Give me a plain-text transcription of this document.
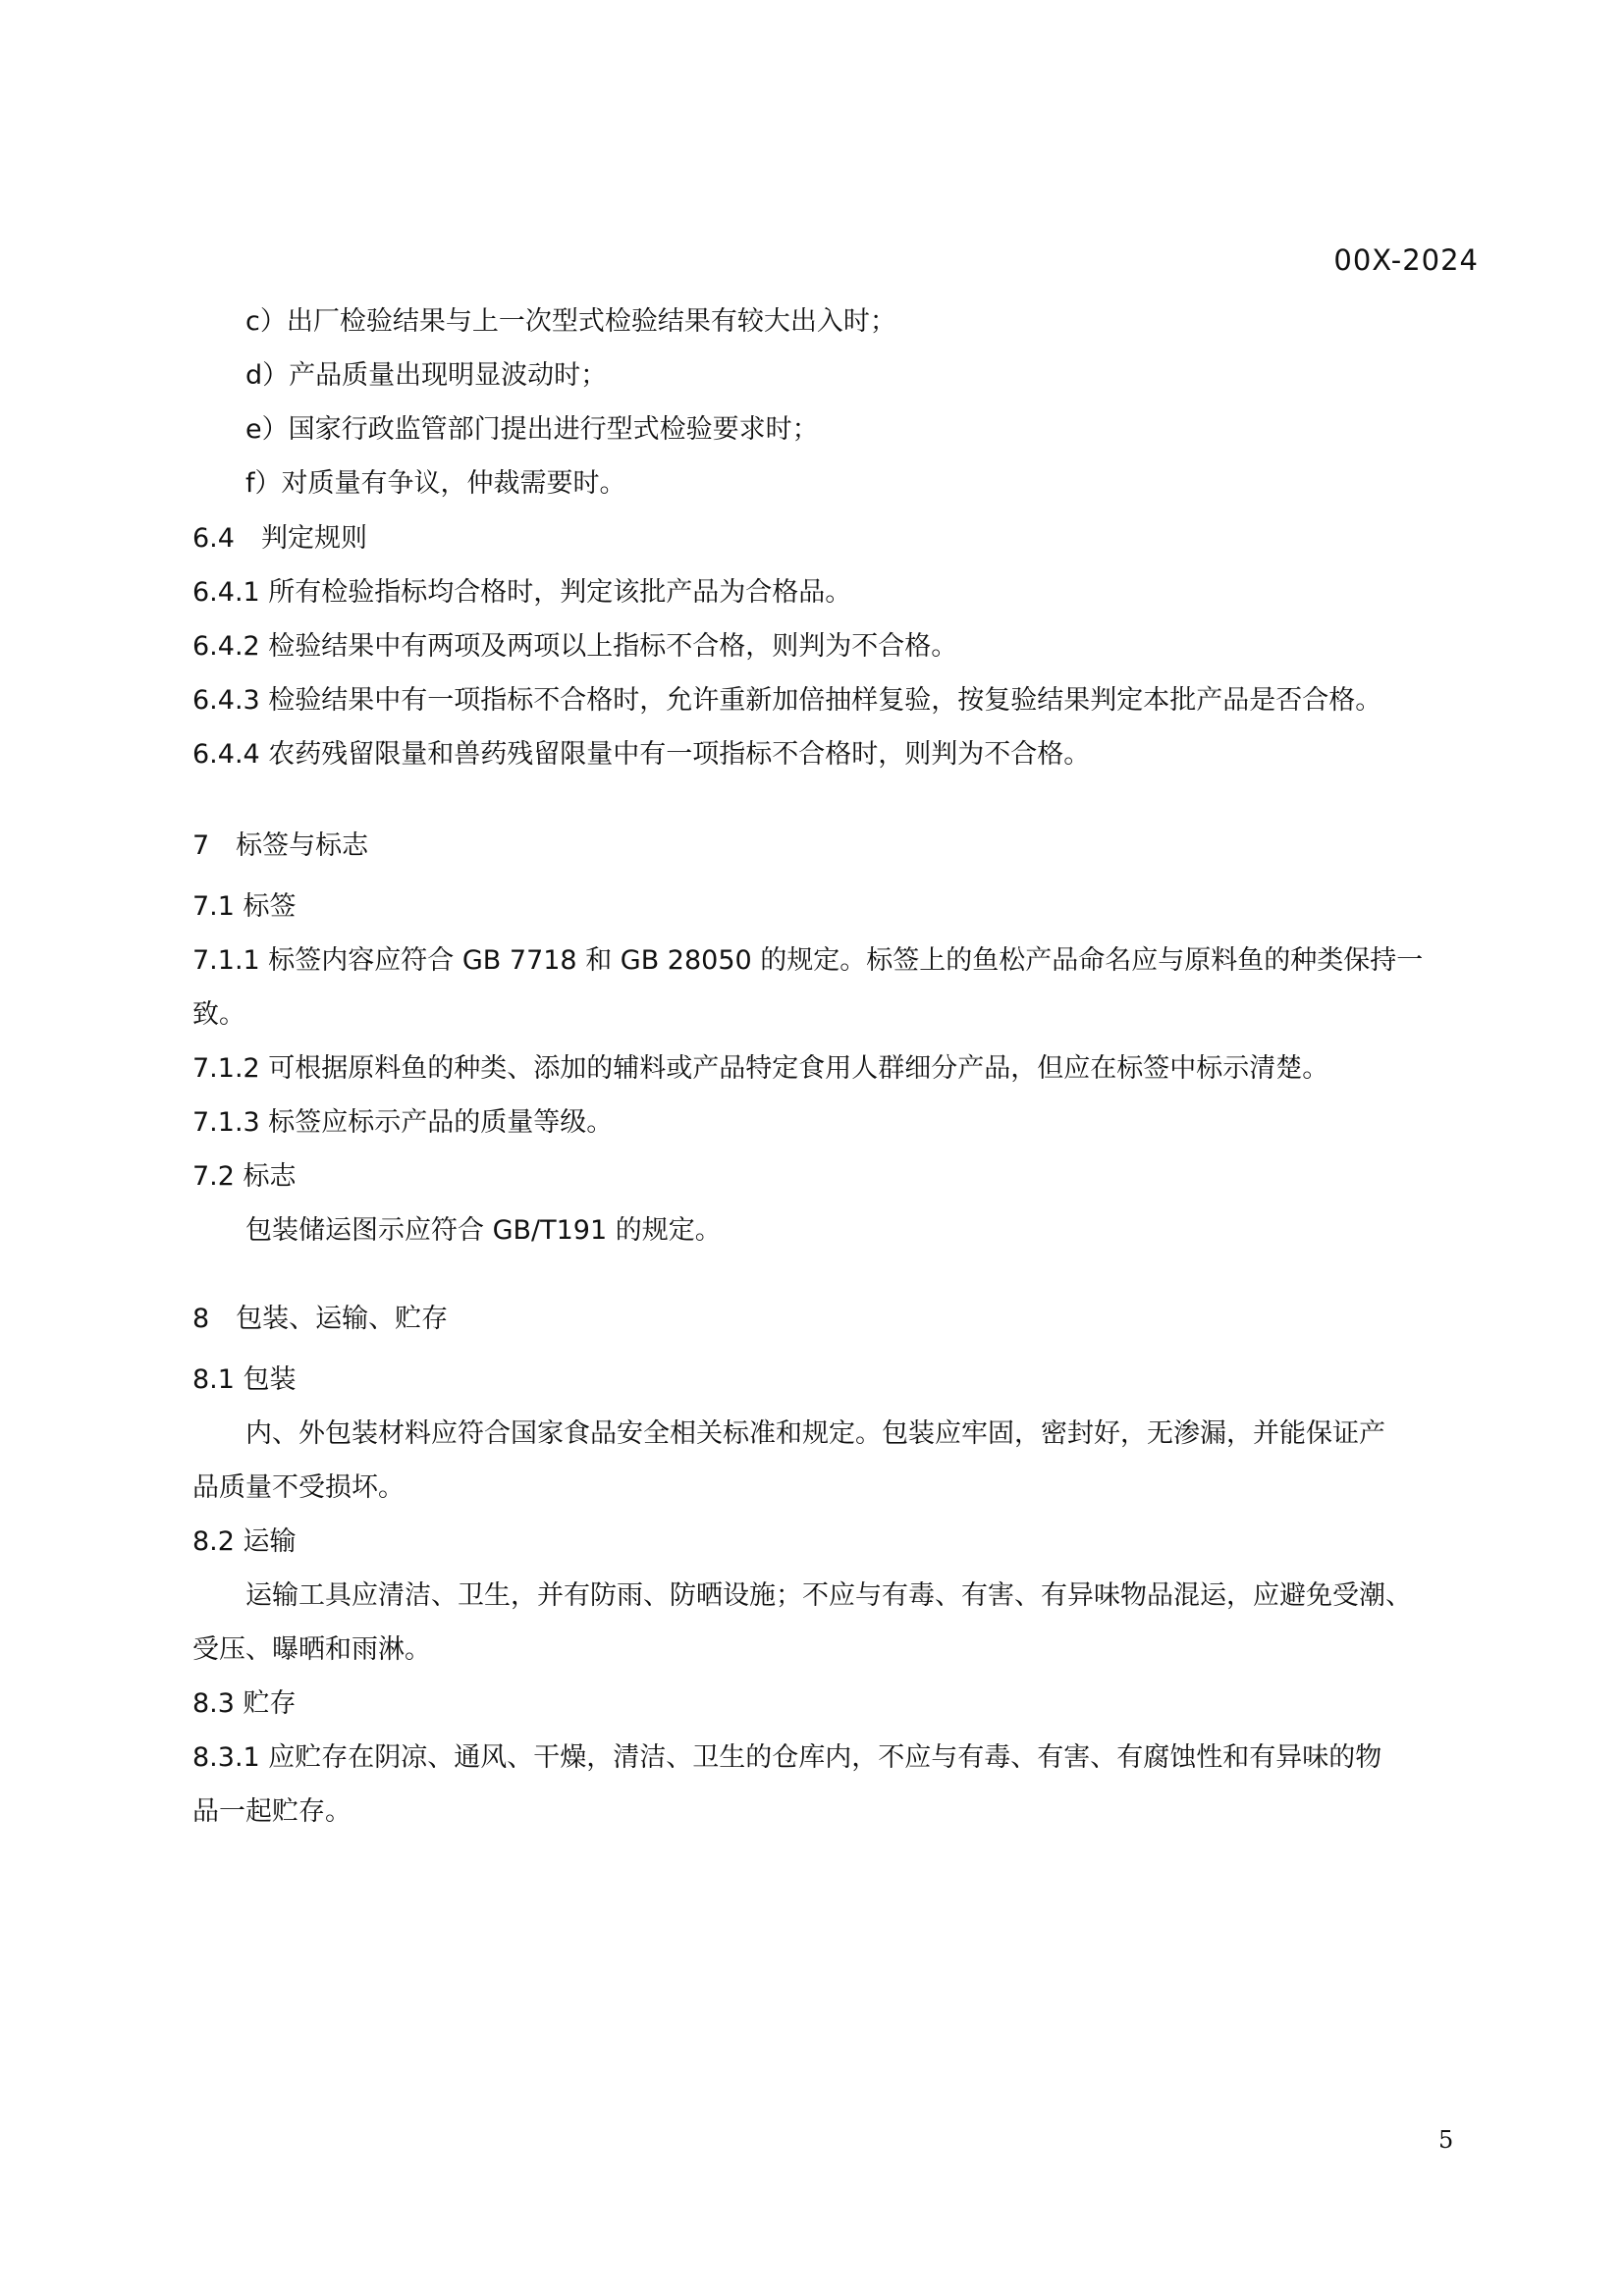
00X-2024

c）出厂检验结果与上一次型式检验结果有较大出入时；

d）产品质量出现明显波动时；

e）国家行政监管部门提出进行型式检验要求时；

f）对质量有争议，仲裁需要时。

6.4　判定规则

6.4.1 所有检验指标均合格时，判定该批产品为合格品。

6.4.2 检验结果中有两项及两项以上指标不合格，则判为不合格。

6.4.3 检验结果中有一项指标不合格时，允许重新加倍抽样复验，按复验结果判定本批产品是否合格。

6.4.4 农药残留限量和兽药残留限量中有一项指标不合格时，则判为不合格。

7　标签与标志

7.1 标签

7.1.1 标签内容应符合 GB 7718 和 GB 28050 的规定。标签上的鱼松产品命名应与原料鱼的种类保持一

致。

7.1.2 可根据原料鱼的种类、添加的辅料或产品特定食用人群细分产品，但应在标签中标示清楚。

7.1.3 标签应标示产品的质量等级。

7.2 标志

包装储运图示应符合 GB/T191 的规定。

8　包装、运输、贮存

8.1 包装

内、外包装材料应符合国家食品安全相关标准和规定。包装应牢固，密封好，无渗漏，并能保证产

品质量不受损坏。

8.2 运输

运输工具应清洁、卫生，并有防雨、防晒设施；不应与有毒、有害、有异味物品混运，应避免受潮、

受压、曝晒和雨淋。

8.3 贮存

8.3.1 应贮存在阴凉、通风、干燥，清洁、卫生的仓库内，不应与有毒、有害、有腐蚀性和有异味的物

品一起贮存。

5
